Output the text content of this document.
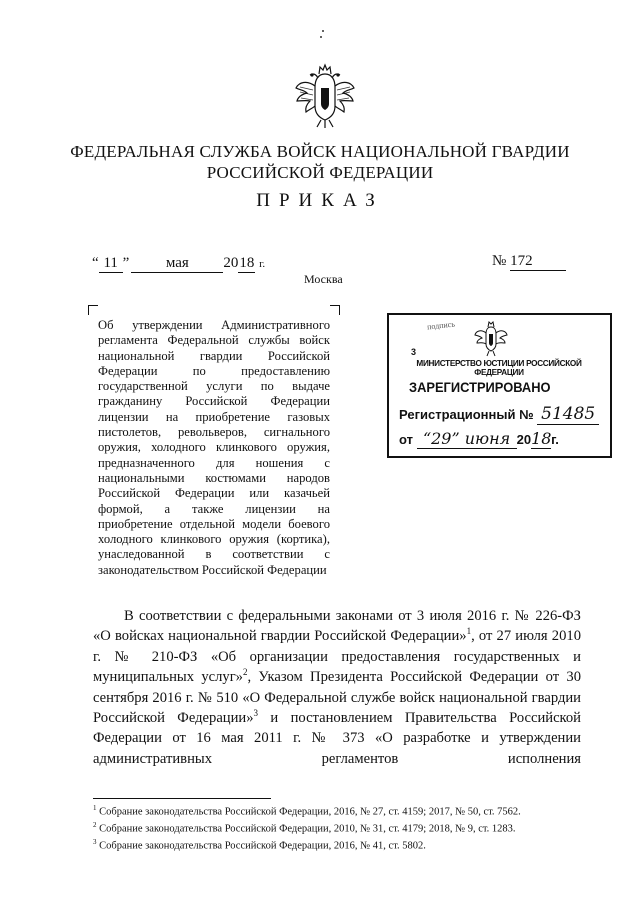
ФЕДЕРАЛЬНАЯ СЛУЖБА ВОЙСК НАЦИОНАЛЬНОЙ ГВАРДИИ
РОССИЙСКОЙ ФЕДЕРАЦИИ
ПРИКАЗ
“ 11 ” мая 2018 г.	№ 172
Москва
Об утверждении Административного регламента Федеральной службы войск национальной гвардии Российской Федерации по предоставлению государственной услуги по выдаче гражданину Российской Федерации лицензии на приобретение газовых пистолетов, револьверов, сигнального оружия, холодного клинкового оружия, предназначенного для ношения с национальными костюмами народов Российской Федерации или казачьей формой, а также лицензии на приобретение отдельной модели боевого холодного клинкового оружия (кортика), унаследованной в соответствии с законодательством Российской Федерации
подпись
3
МИНИСТЕРСТВО ЮСТИЦИИ РОССИЙСКОЙ ФЕДЕРАЦИИ
ЗАРЕГИСТРИРОВАНО
Регистрационный № 51485
от “29” июня 2018г.
В соответствии с федеральными законами от 3 июля 2016 г. № 226-ФЗ «О войсках национальной гвардии Российской Федерации»$^1$, от 27 июля 2010 г. № 210-ФЗ «Об организации предоставления государственных и муниципальных услуг»$^2$, Указом Президента Российской Федерации от 30 сентября 2016 г. № 510 «О Федеральной службе войск национальной гвардии Российской Федерации»$^3$ и постановлением Правительства Российской Федерации от 16 мая 2011 г. № 373 «О разработке и утверждении административных регламентов исполнения
$^1$ Собрание законодательства Российской Федерации, 2016, № 27, ст. 4159; 2017, № 50, ст. 7562.
$^2$ Собрание законодательства Российской Федерации, 2010, № 31, ст. 4179; 2018, № 9, ст. 1283.
$^3$ Собрание законодательства Российской Федерации, 2016, № 41, ст. 5802.
